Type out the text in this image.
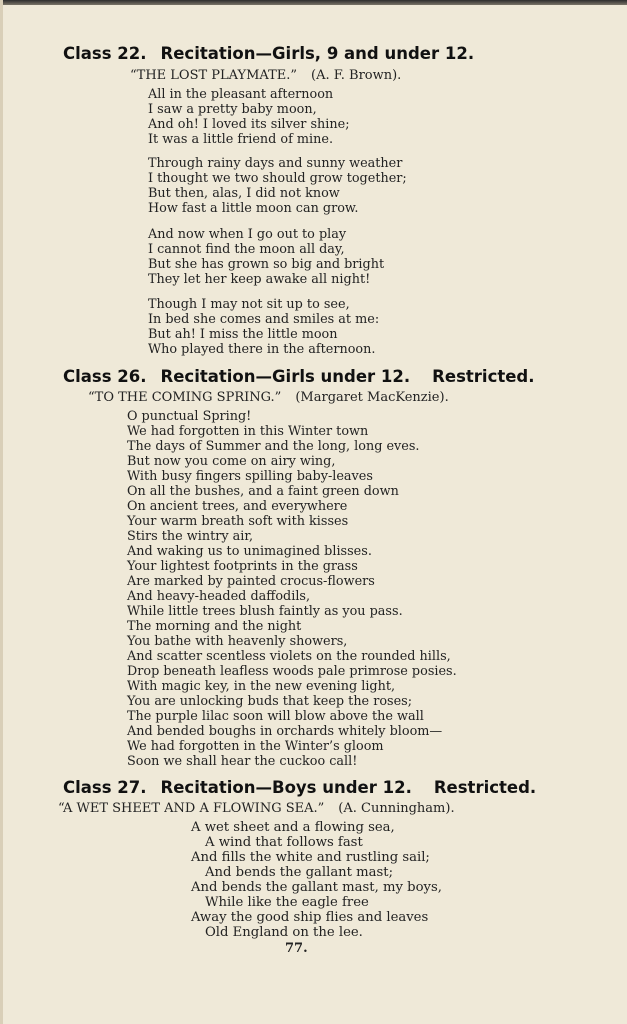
Class 22. Recitation—Girls, 9 and under 12.
“THE LOST PLAYMATE.” (A. F. Brown).
All in the pleasant afternoon
I saw a pretty baby moon,
And oh! I loved its silver shine;
It was a little friend of mine.
Through rainy days and sunny weather
I thought we two should grow together;
But then, alas, I did not know
How fast a little moon can grow.
And now when I go out to play
I cannot find the moon all day,
But she has grown so big and bright
They let her keep awake all night!
Though I may not sit up to see,
In bed she comes and smiles at me:
But ah! I miss the little moon
Who played there in the afternoon.
Class 26. Recitation—Girls under 12. Restricted.
“TO THE COMING SPRING.” (Margaret MacKenzie).
O punctual Spring!
We had forgotten in this Winter town
The days of Summer and the long, long eves.
But now you come on airy wing,
With busy fingers spilling baby-leaves
On all the bushes, and a faint green down
On ancient trees, and everywhere
Your warm breath soft with kisses
Stirs the wintry air,
And waking us to unimagined blisses.
Your lightest footprints in the grass
Are marked by painted crocus-flowers
And heavy-headed daffodils,
While little trees blush faintly as you pass.
The morning and the night
You bathe with heavenly showers,
And scatter scentless violets on the rounded hills,
Drop beneath leafless woods pale primrose posies.
With magic key, in the new evening light,
You are unlocking buds that keep the roses;
The purple lilac soon will blow above the wall
And bended boughs in orchards whitely bloom—
We had forgotten in the Winter’s gloom
Soon we shall hear the cuckoo call!
Class 27. Recitation—Boys under 12. Restricted.
“A WET SHEET AND A FLOWING SEA.” (A. Cunningham).
A wet sheet and a flowing sea,
A wind that follows fast
And fills the white and rustling sail;
And bends the gallant mast;
And bends the gallant mast, my boys,
While like the eagle free
Away the good ship flies and leaves
Old England on the lee.
77.
